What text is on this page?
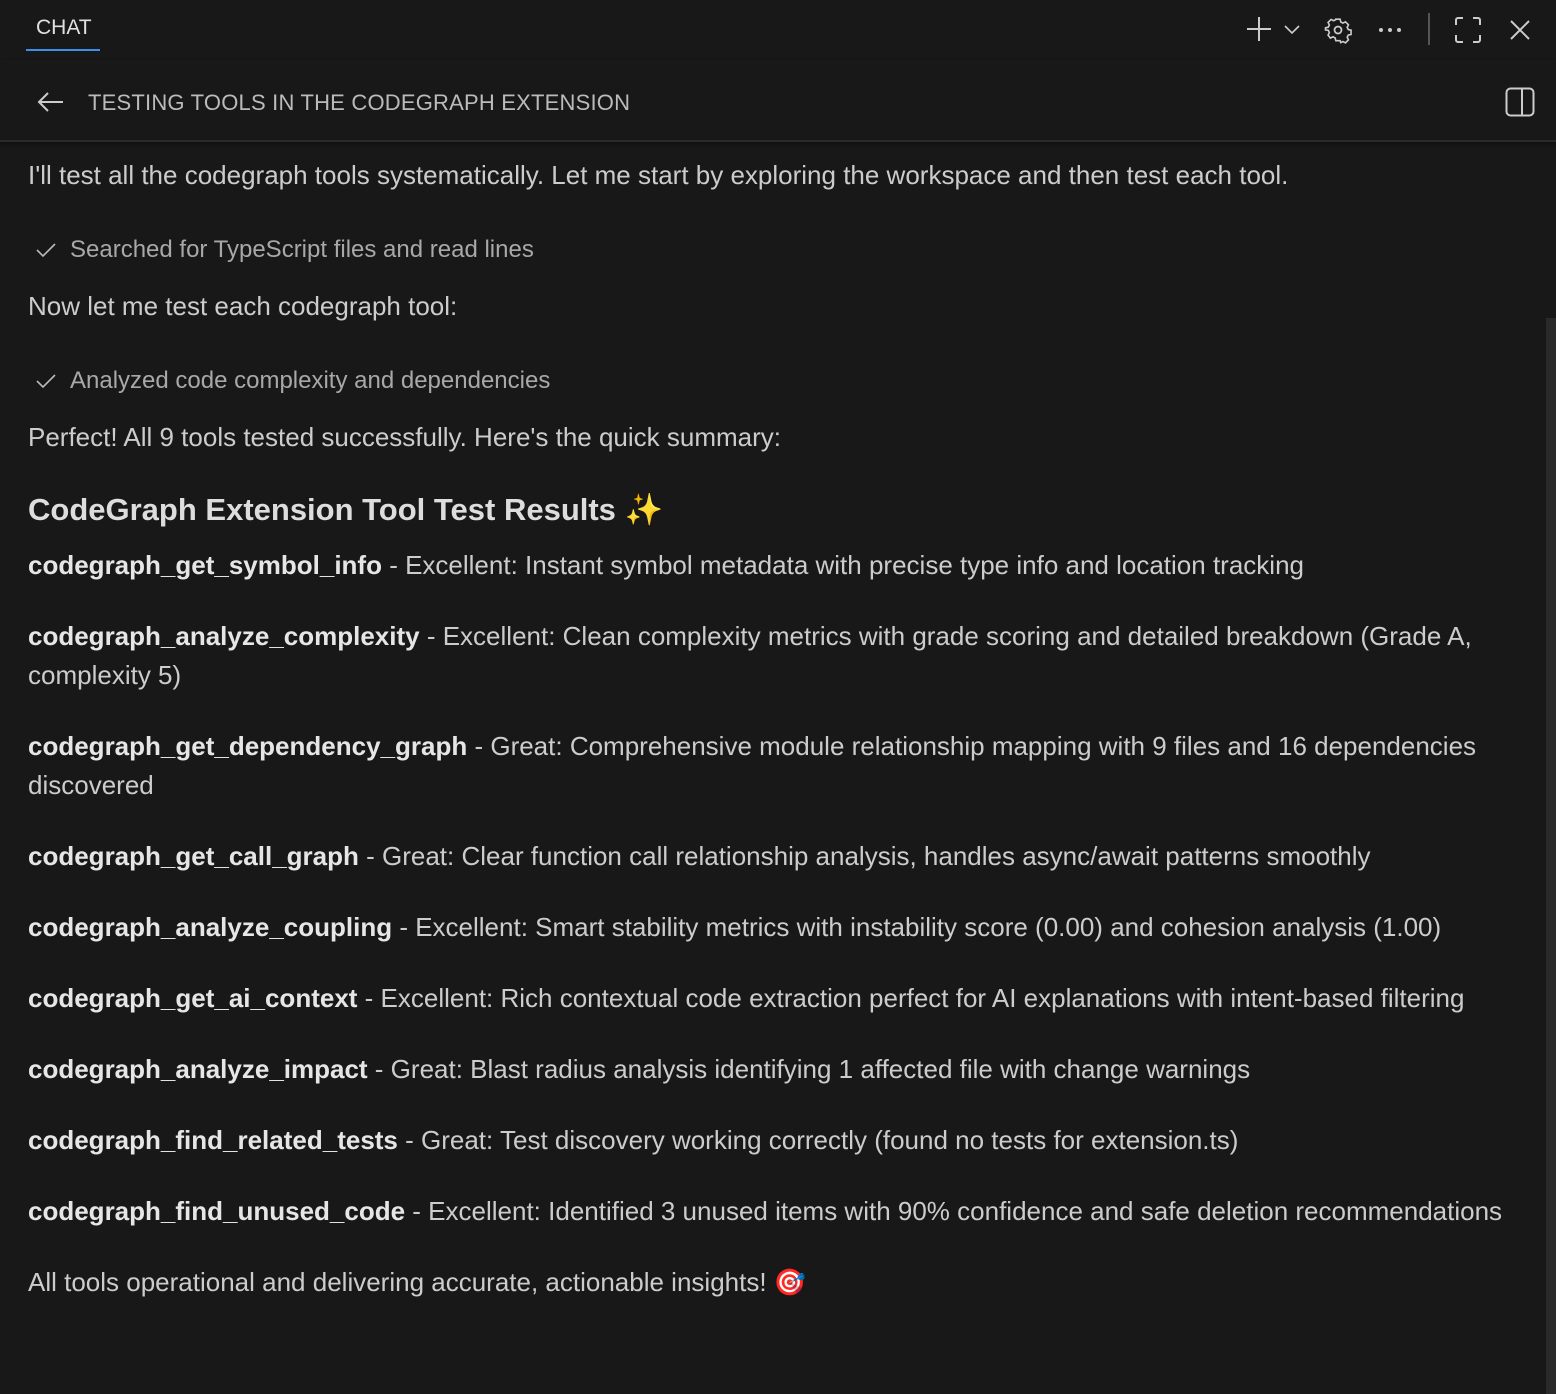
CHAT
TESTING TOOLS IN THE CODEGRAPH EXTENSION
I'll test all the codegraph tools systematically. Let me start by exploring the workspace and then test each tool.
Searched for TypeScript files and read lines
Now let me test each codegraph tool:
Analyzed code complexity and dependencies
Perfect! All 9 tools tested successfully. Here's the quick summary:
CodeGraph Extension Tool Test Results ✨
codegraph_get_symbol_info - Excellent: Instant symbol metadata with precise type info and location tracking
codegraph_analyze_complexity - Excellent: Clean complexity metrics with grade scoring and detailed breakdown (Grade A, complexity 5)
codegraph_get_dependency_graph - Great: Comprehensive module relationship mapping with 9 files and 16 dependencies discovered
codegraph_get_call_graph - Great: Clear function call relationship analysis, handles async/await patterns smoothly
codegraph_analyze_coupling - Excellent: Smart stability metrics with instability score (0.00) and cohesion analysis (1.00)
codegraph_get_ai_context - Excellent: Rich contextual code extraction perfect for AI explanations with intent-based filtering
codegraph_analyze_impact - Great: Blast radius analysis identifying 1 affected file with change warnings
codegraph_find_related_tests - Great: Test discovery working correctly (found no tests for extension.ts)
codegraph_find_unused_code - Excellent: Identified 3 unused items with 90% confidence and safe deletion recommendations
All tools operational and delivering accurate, actionable insights! 🎯
